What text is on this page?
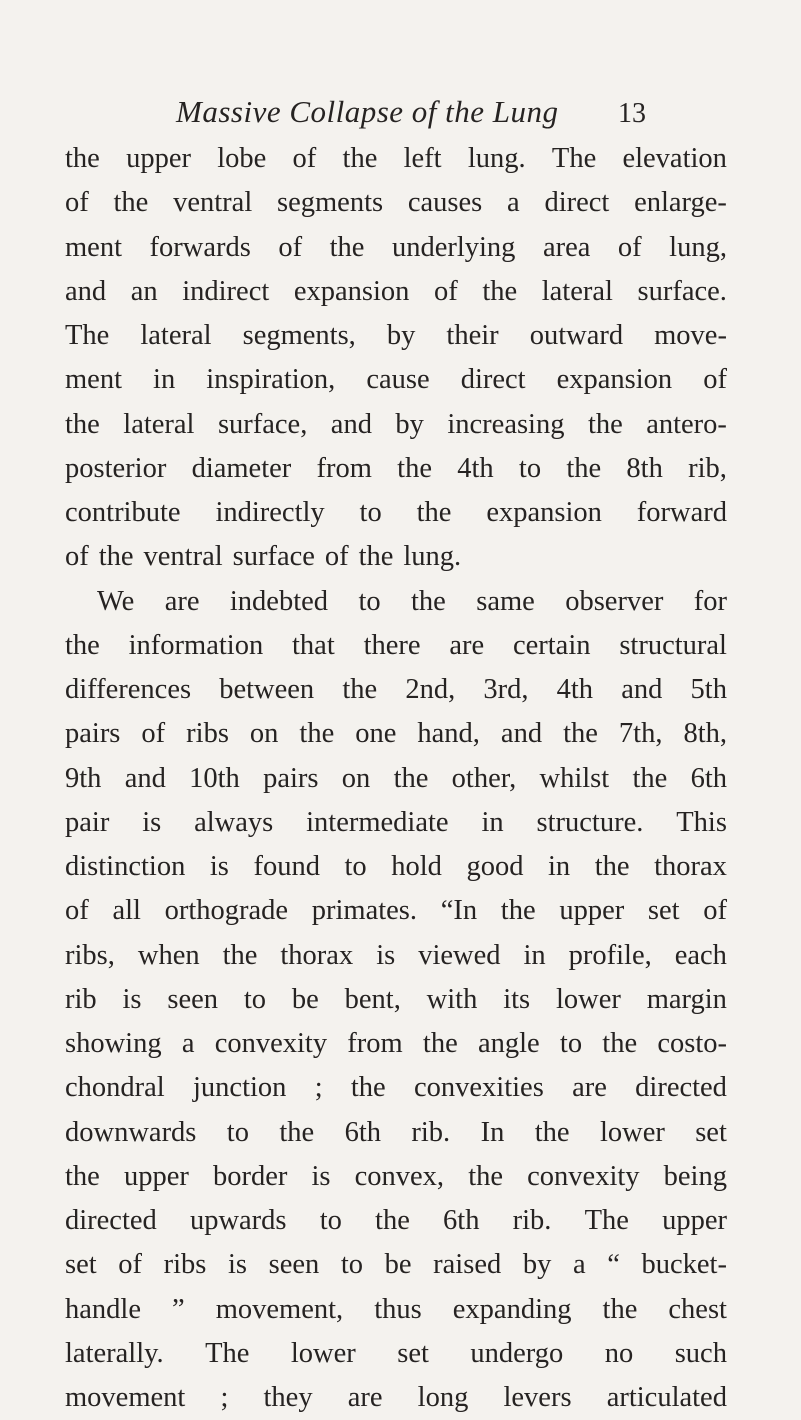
Massive Collapse of the Lung 13
the upper lobe of the left lung. The elevation
of the ventral segments causes a direct enlarge-
ment forwards of the underlying area of lung,
and an indirect expansion of the lateral surface.
The lateral segments, by their outward move-
ment in inspiration, cause direct expansion of
the lateral surface, and by increasing the antero-
posterior diameter from the 4th to the 8th rib,
contribute indirectly to the expansion forward
of the ventral surface of the lung.
We are indebted to the same observer for
the information that there are certain structural
differences between the 2nd, 3rd, 4th and 5th
pairs of ribs on the one hand, and the 7th, 8th,
9th and 10th pairs on the other, whilst the 6th
pair is always intermediate in structure. This
distinction is found to hold good in the thorax
of all orthograde primates. “In the upper set of
ribs, when the thorax is viewed in profile, each
rib is seen to be bent, with its lower margin
showing a convexity from the angle to the costo-
chondral junction ; the convexities are directed
downwards to the 6th rib. In the lower set
the upper border is convex, the convexity being
directed upwards to the 6th rib. The upper
set of ribs is seen to be raised by a “ bucket-
handle ” movement, thus expanding the chest
laterally. The lower set undergo no such
movement ; they are long levers articulated
